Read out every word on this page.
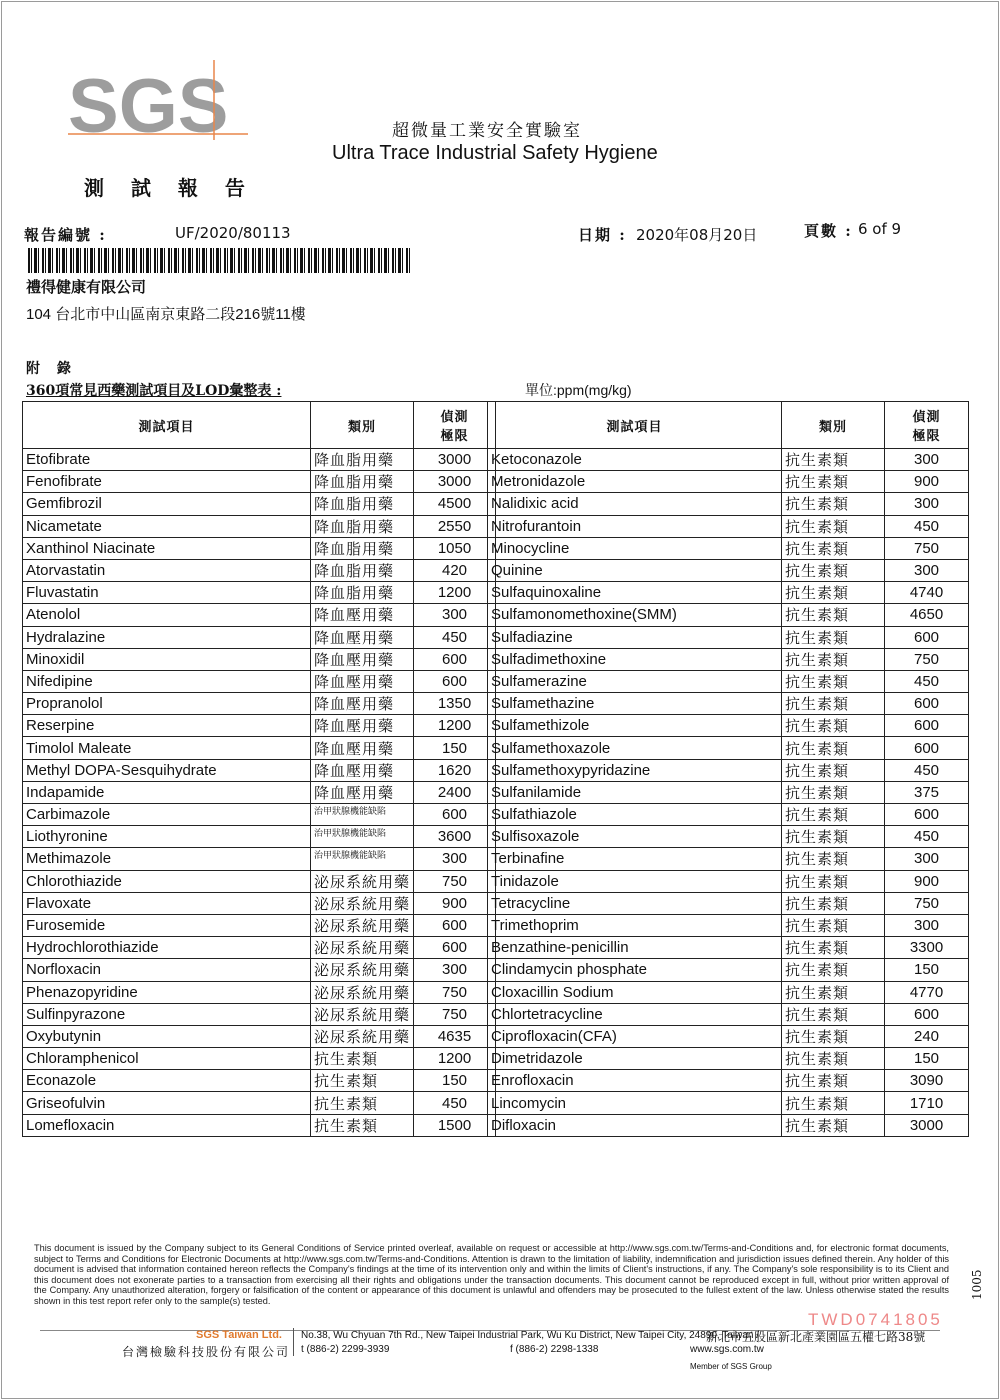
SGS	超微量工業安全實驗室
Ultra Trace Industrial Safety Hygiene
測 試 報 告
報告編號 :	UF/2020/80113	日期 : 2020年08月20日	頁數 : 6 of 9
禮得健康有限公司
104 台北市中山區南京東路二段216號11樓
附 錄
360項常見西藥測試項目及LOD彙整表 :	單位:ppm(mg/kg)
測試項目	類別	偵測
極限
Etofibrate	降血脂用藥	3000
Fenofibrate	降血脂用藥	3000
Gemfibrozil	降血脂用藥	4500
Nicametate	降血脂用藥	2550
Xanthinol Niacinate	降血脂用藥	1050
Atorvastatin	降血脂用藥	420
Fluvastatin	降血脂用藥	1200
Atenolol	降血壓用藥	300
Hydralazine	降血壓用藥	450
Minoxidil	降血壓用藥	600
Nifedipine	降血壓用藥	600
Propranolol	降血壓用藥	1350
Reserpine	降血壓用藥	1200
Timolol Maleate	降血壓用藥	150
Methyl DOPA-Sesquihydrate	降血壓用藥	1620
Indapamide	降血壓用藥	2400
Carbimazole	治甲狀腺機能缺陷	600
Liothyronine	治甲狀腺機能缺陷	3600
Methimazole	治甲狀腺機能缺陷	300
Chlorothiazide	泌尿系統用藥	750
Flavoxate	泌尿系統用藥	900
Furosemide	泌尿系統用藥	600
Hydrochlorothiazide	泌尿系統用藥	600
Norfloxacin	泌尿系統用藥	300
Phenazopyridine	泌尿系統用藥	750
Sulfinpyrazone	泌尿系統用藥	750
Oxybutynin	泌尿系統用藥	4635
Chloramphenicol	抗生素類	1200
Econazole	抗生素類	150
Griseofulvin	抗生素類	450
Lomefloxacin	抗生素類	1500
測試項目	類別	偵測
極限
Ketoconazole	抗生素類	300
Metronidazole	抗生素類	900
Nalidixic acid	抗生素類	300
Nitrofurantoin	抗生素類	450
Minocycline	抗生素類	750
Quinine	抗生素類	300
Sulfaquinoxaline	抗生素類	4740
Sulfamonomethoxine(SMM)	抗生素類	4650
Sulfadiazine	抗生素類	600
Sulfadimethoxine	抗生素類	750
Sulfamerazine	抗生素類	450
Sulfamethazine	抗生素類	600
Sulfamethizole	抗生素類	600
Sulfamethoxazole	抗生素類	600
Sulfamethoxypyridazine	抗生素類	450
Sulfanilamide	抗生素類	375
Sulfathiazole	抗生素類	600
Sulfisoxazole	抗生素類	450
Terbinafine	抗生素類	300
Tinidazole	抗生素類	900
Tetracycline	抗生素類	750
Trimethoprim	抗生素類	300
Benzathine-penicillin	抗生素類	3300
Clindamycin phosphate	抗生素類	150
Cloxacillin Sodium	抗生素類	4770
Chlortetracycline	抗生素類	600
Ciprofloxacin(CFA)	抗生素類	240
Dimetridazole	抗生素類	150
Enrofloxacin	抗生素類	3090
Lincomycin	抗生素類	1710
Difloxacin	抗生素類	3000
This document is issued by the Company subject to its General Conditions of Service printed overleaf, available on request or accessible at http://www.sgs.com.tw/Terms-and-Conditions and, for electronic format documents, subject to Terms and Conditions for Electronic Documents at http://www.sgs.com.tw/Terms-and-Conditions. Attention is drawn to the limitation of liability, indemnification and jurisdiction issues defined therein. Any holder of this document is advised that information contained hereon reflects the Company's findings at the time of its intervention only and within the limits of Client's instructions, if any. The Company's sole responsibility is to its Client and this document does not exonerate parties to a transaction from exercising all their rights and obligations under the transaction documents. This document cannot be reproduced except in full, without prior written approval of the Company. Any unauthorized alteration, forgery or falsification of the content or appearance of this document is unlawful and offenders may be prosecuted to the fullest extent of the law. Unless otherwise stated the results shown in this test report refer only to the sample(s) tested.
TWD0741805
SGS Taiwan Ltd.
台灣檢驗科技股份有限公司
No.38, Wu Chyuan 7th Rd., New Taipei Industrial Park, Wu Ku District, New Taipei City, 24890, Taiwan /
新北市五股區新北產業園區五權七路38號
t (886-2) 2299-3939	f (886-2) 2298-1338	www.sgs.com.tw
Member of SGS Group
1005
